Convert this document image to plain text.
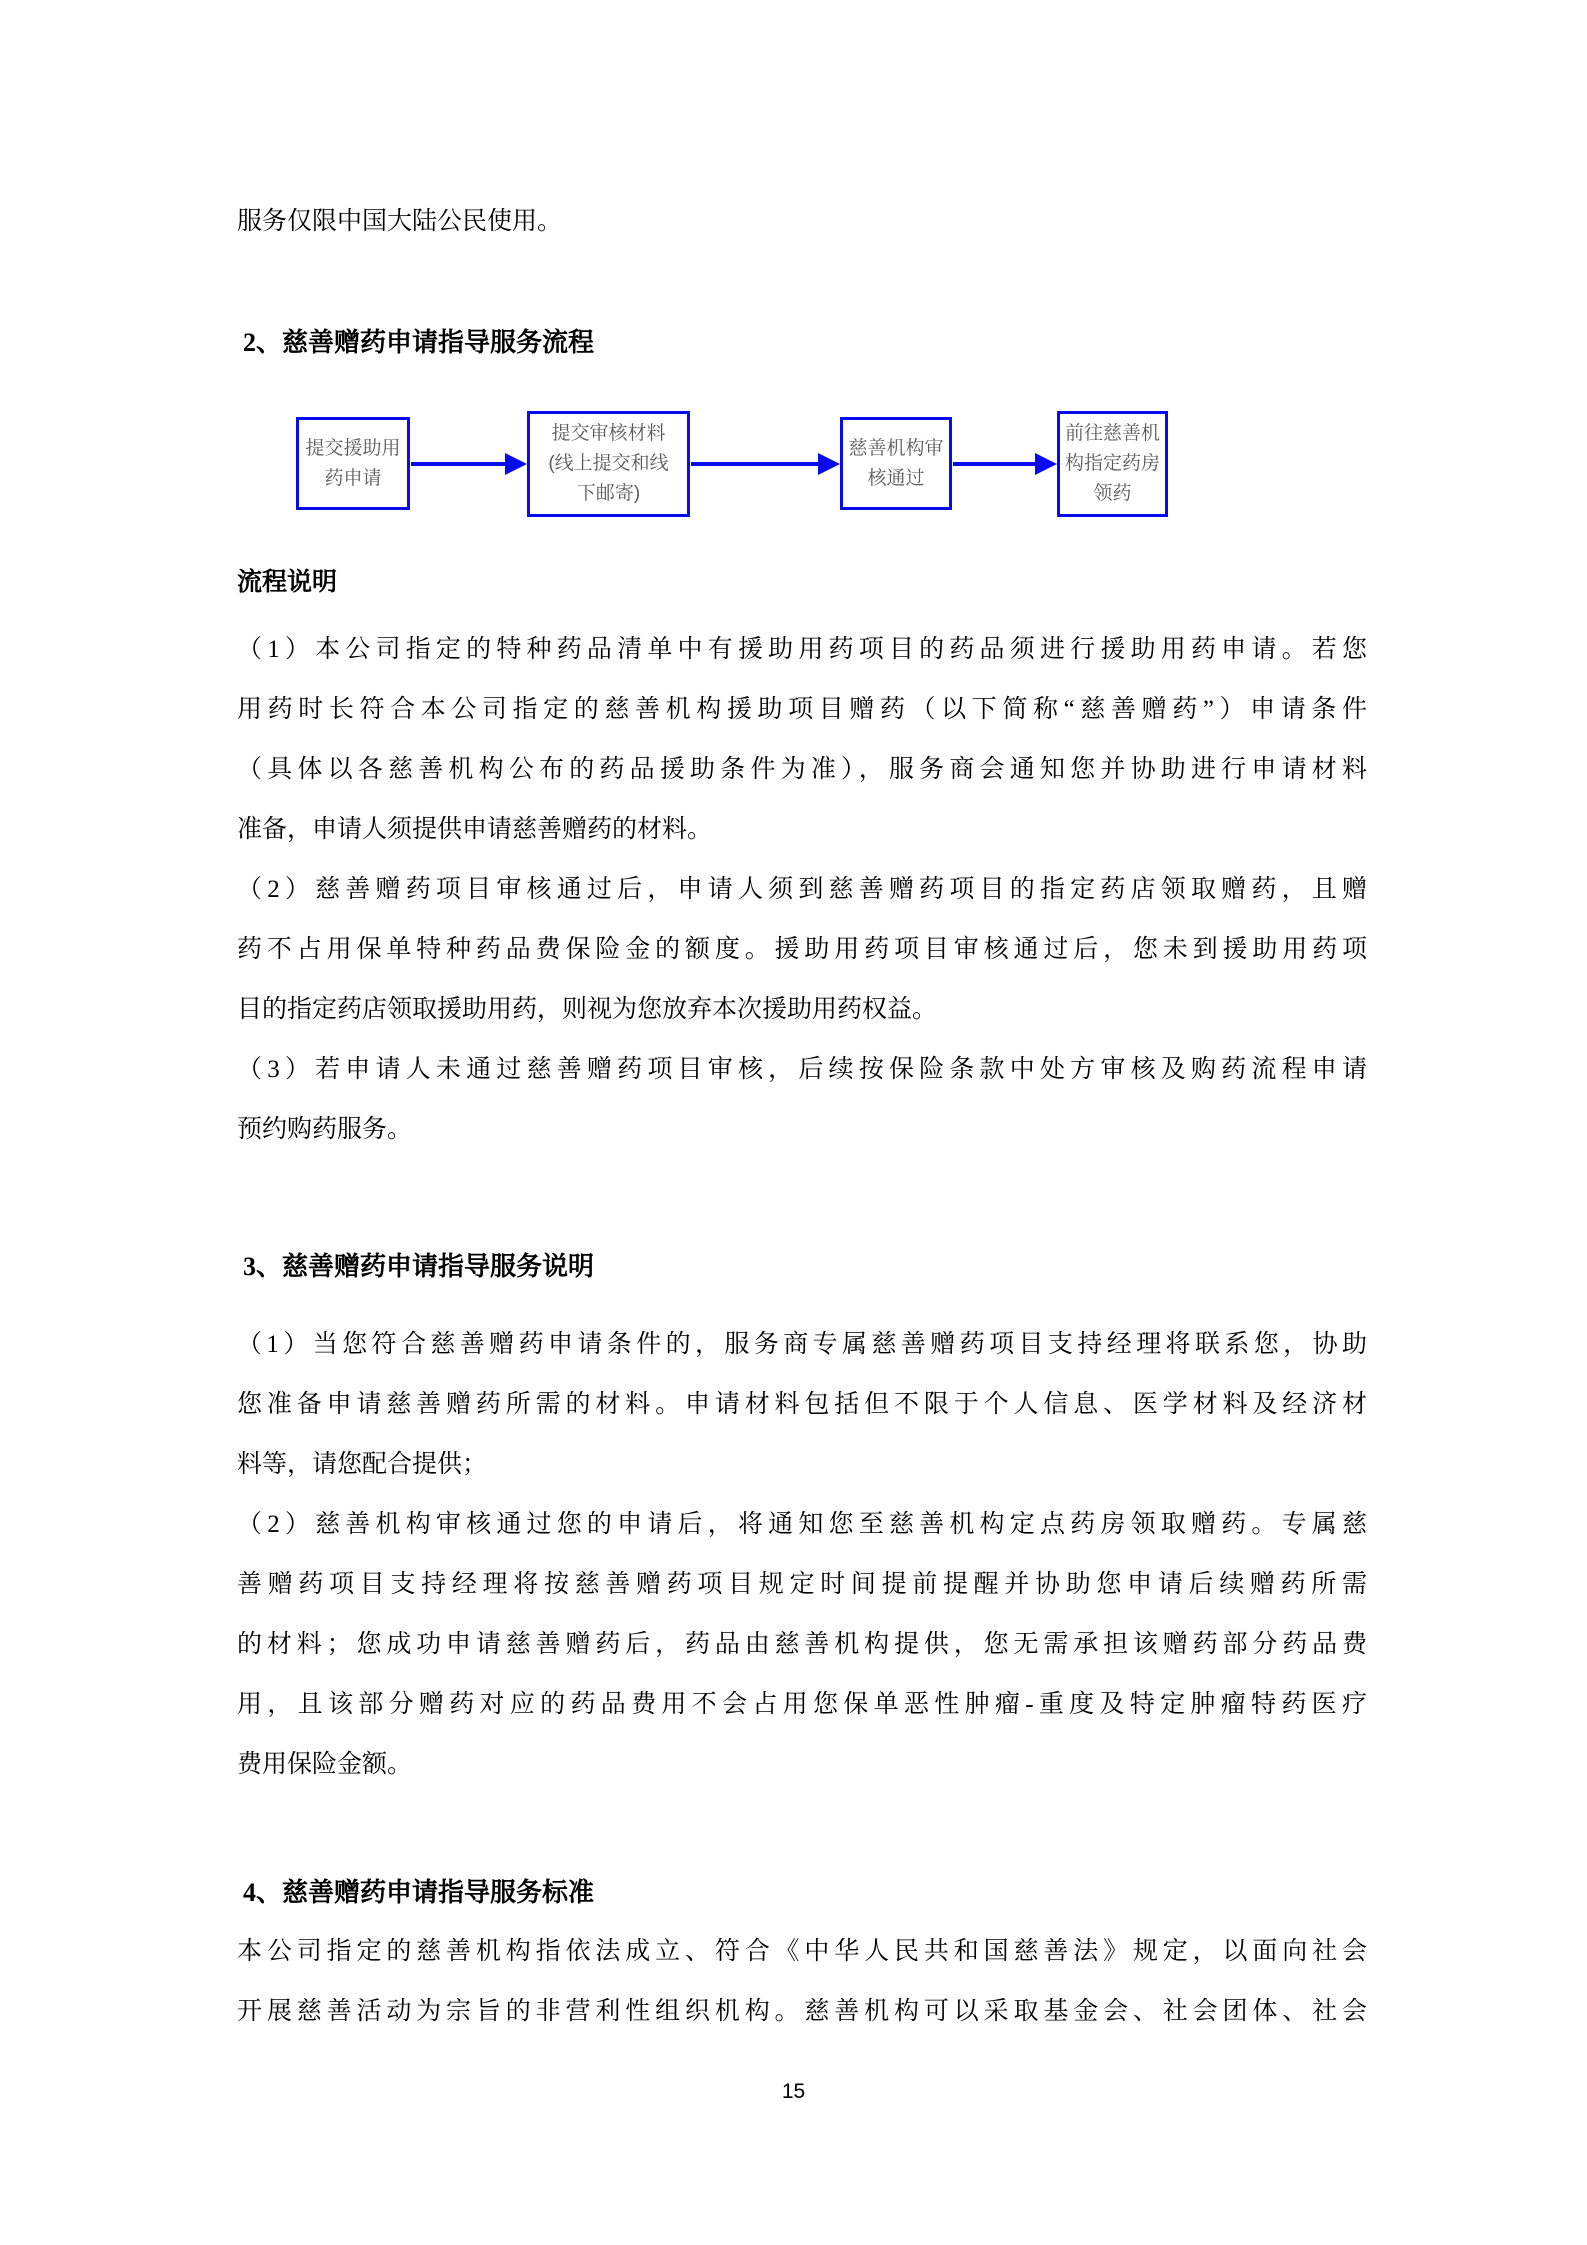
服务仅限中国大陆公民使用。
2、慈善赠药申请指导服务流程
提交援助用
药申请
提交审核材料
(线上提交和线
下邮寄)
慈善机构审
核通过
前往慈善机
构指定药房
领药
流程说明
（1）本公司指定的特种药品清单中有援助用药项目的药品须进行援助用药申请。若您
用药时长符合本公司指定的慈善机构援助项目赠药（以下简称“慈善赠药”）申请条件
（具体以各慈善机构公布的药品援助条件为准），服务商会通知您并协助进行申请材料
准备，申请人须提供申请慈善赠药的材料。
（2）慈善赠药项目审核通过后，申请人须到慈善赠药项目的指定药店领取赠药，且赠
药不占用保单特种药品费保险金的额度。援助用药项目审核通过后，您未到援助用药项
目的指定药店领取援助用药，则视为您放弃本次援助用药权益。
（3）若申请人未通过慈善赠药项目审核，后续按保险条款中处方审核及购药流程申请
预约购药服务。
3、慈善赠药申请指导服务说明
（1）当您符合慈善赠药申请条件的，服务商专属慈善赠药项目支持经理将联系您，协助
您准备申请慈善赠药所需的材料。申请材料包括但不限于个人信息、医学材料及经济材
料等，请您配合提供；
（2）慈善机构审核通过您的申请后，将通知您至慈善机构定点药房领取赠药。专属慈
善赠药项目支持经理将按慈善赠药项目规定时间提前提醒并协助您申请后续赠药所需
的材料；您成功申请慈善赠药后，药品由慈善机构提供，您无需承担该赠药部分药品费
用，且该部分赠药对应的药品费用不会占用您保单恶性肿瘤-重度及特定肿瘤特药医疗
费用保险金额。
4、慈善赠药申请指导服务标准
本公司指定的慈善机构指依法成立、符合《中华人民共和国慈善法》规定，以面向社会
开展慈善活动为宗旨的非营利性组织机构。慈善机构可以采取基金会、社会团体、社会
15
